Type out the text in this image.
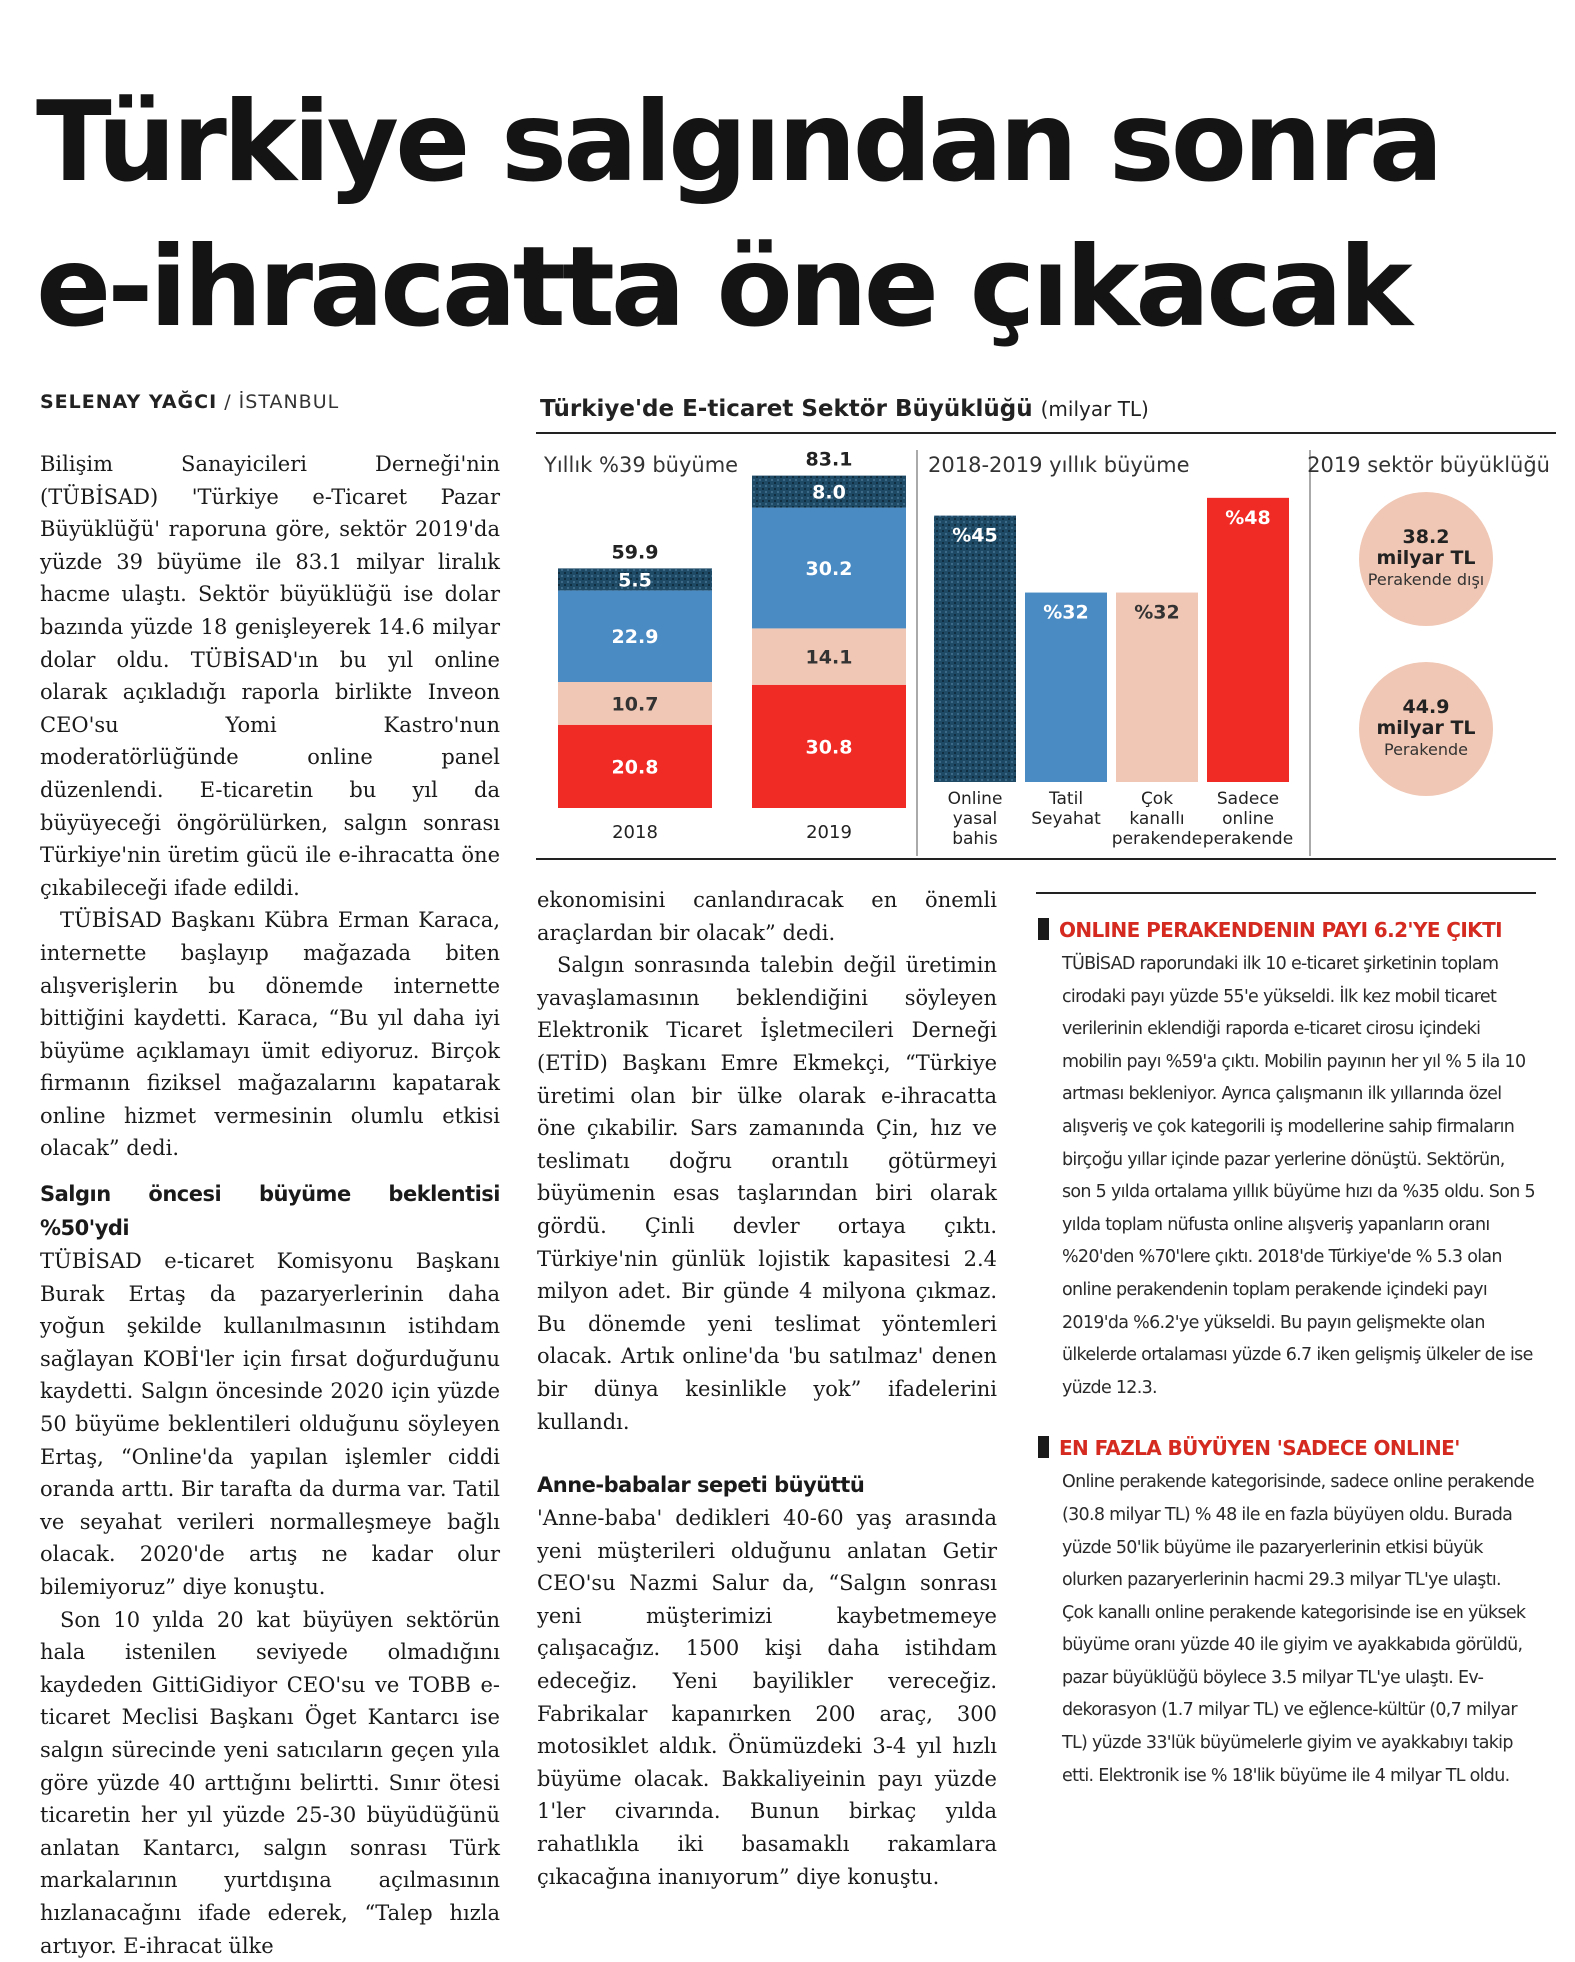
Türkiye salgından sonra
e-ihracatta öne çıkacak
SELENAY YAĞCI / İSTANBUL	Türkiye'de E-ticaret Sektör Büyüklüğü (milyar TL)
Yıllık %39 büyüme
20.8
10.7
22.9
5.5
59.9
2018
30.8
14.1
30.2
8.0
83.1
2019
2018-2019 yıllık büyüme
%45
Online
yasal
bahis
%32
Tatil
Seyahat
%32
Çok
kanallı
perakende
%48
Sadece
online
perakende
2019 sektör büyüklüğü
38.2
milyar TL
Perakende dışı
44.9
milyar TL
Perakende

Bilişim Sanayicileri Derneği'nin (TÜBİSAD) 'Türkiye e-Ticaret Pazar Büyüklüğü' raporuna göre, sektör 2019'da yüzde 39 büyüme ile 83.1 milyar liralık hacme ulaştı. Sektör büyüklüğü ise dolar bazında yüzde 18 genişleyerek 14.6 milyar dolar oldu. TÜBİSAD'ın bu yıl online olarak açıkladığı raporla birlikte Inveon CEO'su Yomi Kastro'nun moderatörlüğünde online panel düzenlendi. E-ticaretin bu yıl da büyüyeceği öngörülürken, salgın sonrası Türkiye'nin üretim gücü ile e-ihracatta öne çıkabileceği ifade edildi.

TÜBİSAD Başkanı Kübra Erman Karaca, internette başlayıp mağazada biten alışverişlerin bu dönemde internette bittiğini kaydetti. Karaca, “Bu yıl daha iyi büyüme açıklamayı ümit ediyoruz. Birçok firmanın fiziksel mağazalarını kapatarak online hizmet vermesinin olumlu etkisi olacak” dedi.

Salgın öncesi büyüme beklentisi %50'ydi

TÜBİSAD e-ticaret Komisyonu Başkanı Burak Ertaş da pazaryerlerinin daha yoğun şekilde kullanılmasının istihdam sağlayan KOBİ'ler için fırsat doğurduğunu kaydetti. Salgın öncesinde 2020 için yüzde 50 büyüme beklentileri olduğunu söyleyen Ertaş, “Online'da yapılan işlemler ciddi oranda arttı. Bir tarafta da durma var. Tatil ve seyahat verileri normalleşmeye bağlı olacak. 2020'de artış ne kadar olur bilemiyoruz” diye konuştu.

Son 10 yılda 20 kat büyüyen sektörün hala istenilen seviyede olmadığını kaydeden GittiGidiyor CEO'su ve TOBB e-ticaret Meclisi Başkanı Öget Kantarcı ise salgın sürecinde yeni satıcıların geçen yıla göre yüzde 40 arttığını belirtti. Sınır ötesi ticaretin her yıl yüzde 25-30 büyüdüğünü anlatan Kantarcı, salgın sonrası Türk markalarının yurtdışına açılmasının hızlanacağını ifade ederek, “Talep hızla artıyor. E-ihracat ülke

ekonomisini canlandıracak en önemli araçlardan bir olacak” dedi.

Salgın sonrasında talebin değil üretimin yavaşlamasının beklendiğini söyleyen Elektronik Ticaret İşletmecileri Derneği (ETİD) Başkanı Emre Ekmekçi, “Türkiye üretimi olan bir ülke olarak e-ihracatta öne çıkabilir. Sars zamanında Çin, hız ve teslimatı doğru orantılı götürmeyi büyümenin esas taşlarından biri olarak gördü. Çinli devler ortaya çıktı. Türkiye'nin günlük lojistik kapasitesi 2.4 milyon adet. Bir günde 4 milyona çıkmaz. Bu dönemde yeni teslimat yöntemleri olacak. Artık online'da 'bu satılmaz' denen bir dünya kesinlikle yok” ifadelerini kullandı.

Anne-babalar sepeti büyüttü

'Anne-baba' dedikleri 40-60 yaş arasında yeni müşterileri olduğunu anlatan Getir CEO'su Nazmi Salur da, “Salgın sonrası yeni müşterimizi kaybetmemeye çalışacağız. 1500 kişi daha istihdam edeceğiz. Yeni bayilikler vereceğiz. Fabrikalar kapanırken 200 araç, 300 motosiklet aldık. Önümüzdeki 3-4 yıl hızlı büyüme olacak. Bakkaliyeinin payı yüzde 1'ler civarında. Bunun birkaç yılda rahatlıkla iki basamaklı rakamlara çıkacağına inanıyorum” diye konuştu.

ONLINE PERAKENDENIN PAYI 6.2'YE ÇIKTI

TÜBİSAD raporundaki ilk 10 e-ticaret şirketinin toplam cirodaki payı yüzde 55'e yükseldi. İlk kez mobil ticaret verilerinin eklendiği raporda e-ticaret cirosu içindeki mobilin payı %59'a çıktı. Mobilin payının her yıl % 5 ila 10 artması bekleniyor. Ayrıca çalışmanın ilk yıllarında özel alışveriş ve çok kategorili iş modellerine sahip firmaların birçoğu yıllar içinde pazar yerlerine dönüştü. Sektörün, son 5 yılda ortalama yıllık büyüme hızı da %35 oldu. Son 5 yılda toplam nüfusta online alışveriş yapanların oranı %20'den %70'lere çıktı. 2018'de Türkiye'de % 5.3 olan online perakendenin toplam perakende içindeki payı 2019'da %6.2'ye yükseldi. Bu payın gelişmekte olan ülkelerde ortalaması yüzde 6.7 iken gelişmiş ülkeler de ise yüzde 12.3.

EN FAZLA BÜYÜYEN 'SADECE ONLINE'

Online perakende kategorisinde, sadece online perakende (30.8 milyar TL) % 48 ile en fazla büyüyen oldu. Burada yüzde 50'lik büyüme ile pazaryerlerinin etkisi büyük olurken pazaryerlerinin hacmi 29.3 milyar TL'ye ulaştı. Çok kanallı online perakende kategorisinde ise en yüksek büyüme oranı yüzde 40 ile giyim ve ayakkabıda görüldü, pazar büyüklüğü böylece 3.5 milyar TL'ye ulaştı. Ev-dekorasyon (1.7 milyar TL) ve eğlence-kültür (0,7 milyar TL) yüzde 33'lük büyümelerle giyim ve ayakkabıyı takip etti. Elektronik ise % 18'lik büyüme ile 4 milyar TL oldu.
